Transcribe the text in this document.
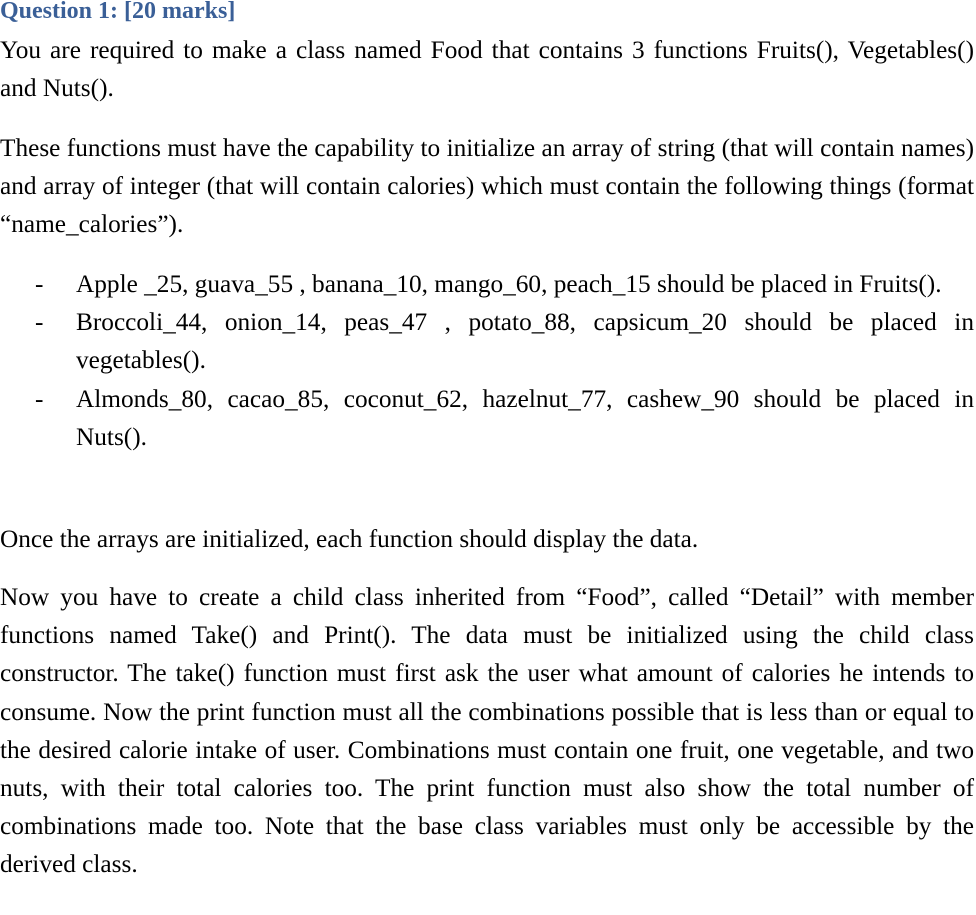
Question 1: [20 marks]
You are required to make a class named Food that contains 3 functions Fruits(), Vegetables() and Nuts().
These functions must have the capability to initialize an array of string (that will contain names) and array of integer (that will contain calories) which must contain the following things (format “name_calories”).
- Apple _25, guava_55 , banana_10, mango_60, peach_15 should be placed in Fruits().
- Broccoli_44, onion_14, peas_47 , potato_88, capsicum_20 should be placed in vegetables().
- Almonds_80, cacao_85, coconut_62, hazelnut_77, cashew_90 should be placed in Nuts().
Once the arrays are initialized, each function should display the data.
Now you have to create a child class inherited from “Food”, called “Detail” with member functions named Take() and Print(). The data must be initialized using the child class constructor. The take() function must first ask the user what amount of calories he intends to consume. Now the print function must all the combinations possible that is less than or equal to the desired calorie intake of user. Combinations must contain one fruit, one vegetable, and two nuts, with their total calories too. The print function must also show the total number of combinations made too. Note that the base class variables must only be accessible by the derived class.
